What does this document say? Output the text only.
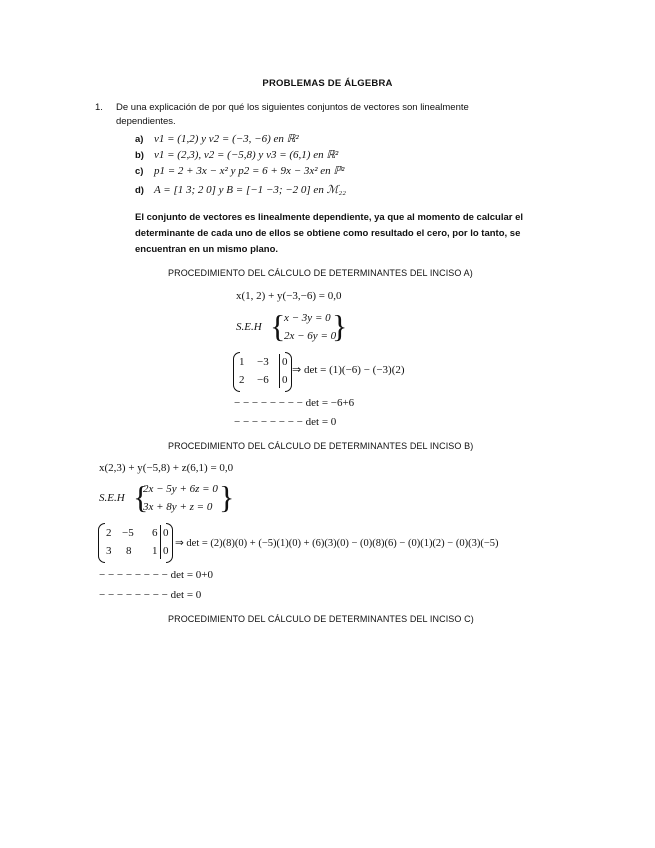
PROBLEMAS DE ÁLGEBRA
1. De una explicación de por qué los siguientes conjuntos de vectores son linealmente
dependientes.
a) v1 = (1,2) y v2 = (−3, −6) en ℝ²
b) v1 = (2,3), v2 = (−5,8) y v3 = (6,1) en ℝ²
c) p1 = 2 + 3x − x² y p2 = 6 + 9x − 3x² en ℙ²
d) A = [1 3; 2 0] y B = [−1 −3; −2 0] en ℳ₂₂
El conjunto de vectores es linealmente dependiente, ya que al momento de calcular el
determinante de cada uno de ellos se obtiene como resultado el cero, por lo tanto, se
encuentran en un mismo plano.
PROCEDIMIENTO DEL CÁLCULO DE DETERMINANTES DEL INCISO A)
x(1, 2) + y(−3,−6) = 0,0
S.E.H {
x − 3y = 0
2x − 6y = 0
}
1 −3 0
2 −6 0
⇒ det = (1)(−6) − (−3)(2)
− − − − − − − − det = −6+6
− − − − − − − − det = 0
PROCEDIMIENTO DEL CÁLCULO DE DETERMINANTES DEL INCISO B)
x(2,3) + y(−5,8) + z(6,1) = 0,0
S.E.H {
2x − 5y + 6z = 0
3x + 8y + z = 0 }
2 −5 6 0
3 8 1 0
⇒ det = (2)(8)(0) + (−5)(1)(0) + (6)(3)(0) − (0)(8)(6) − (0)(1)(2) − (0)(3)(−5)
− − − − − − − − det = 0+0
− − − − − − − − det = 0
PROCEDIMIENTO DEL CÁLCULO DE DETERMINANTES DEL INCISO C)
